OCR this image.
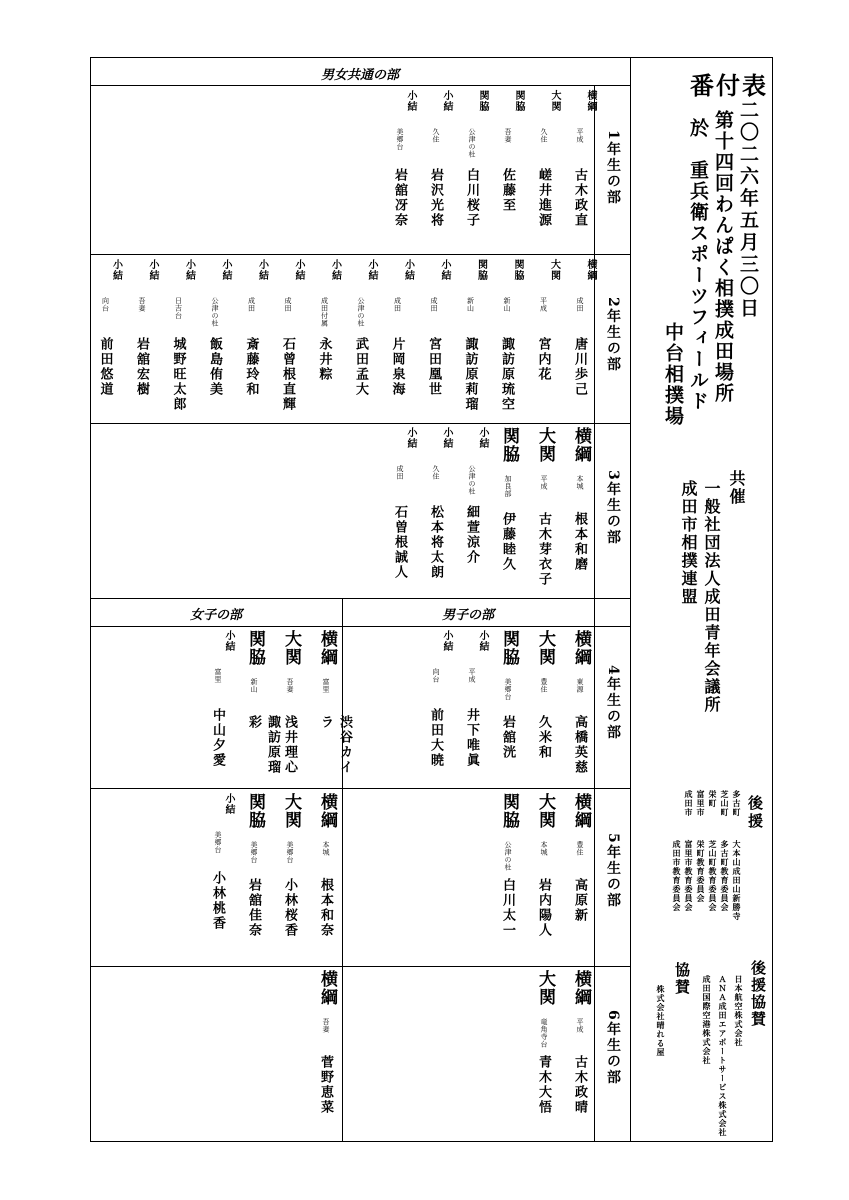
男女共通の部
女子の部	男子の部
1年生の部
2年生の部
3年生の部
4年生の部
5年生の部
6年生の部
横綱
平成
古木政直
大関
久住
嵯井進源
関脇
吾妻
佐藤至
関脇
公津の杜
白川桜子
小結
久住
岩沢光将
小結
美郷台
岩舘冴奈
横綱
成田
唐川歩己
大関
平成
宮内花
関脇
新山
諏訪原琉空
関脇
新山
諏訪原莉瑠
小結
成田
宮田凰世
小結
成田
片岡泉海
小結
公津の杜
武田孟大
小結
成田付属
永井粽
小結
成田
石曾根直輝
小結
成田
斎藤玲和
小結
公津の杜
飯島侑美
小結
日吉台
城野旺太郎
小結
吾妻
岩舘宏樹
小結
向台
前田悠道
横綱
本城
根本和磨
大関
平成
古木芽衣子
関脇
加良部
伊藤睦久
小結
公津の杜
細萱涼介
小結
久住
松本将太朗
小結
成田
石曽根誠人
横綱
東源
高橋英慈
大関
豊住
久米和
関脇
美郷台
岩舘洸
小結
平成
井下唯眞
小結
向台
前田大暁
横綱
富里
渋谷カイラ
大関
吾妻
浅井理心
関脇
新山
諏訪原瑠彩
小結
富里
中山夕愛
横綱
豊住
高原新
大関
本城
岩内陽人
関脇
公津の杜
白川太一
横綱
本城
根本和奈
大関
美郷台
小林桜香
関脇
美郷台
岩舘佳奈
小結
美郷台
小林桃香
横綱
平成
古木政晴
大関
竜角寺台
青木大悟
横綱
吾妻
菅野恵菜
番付表
二〇二六年五月三〇日
第十四回わんぱく相撲成田場所
於　重兵衛スポーツフィールド
中台相撲場
共催
一般社団法人成田青年会議所
成田市相撲連盟
後援
多古町
芝山町
栄町
富里市
成田市
大本山成田山新勝寺
多古町教育委員会
芝山町教育委員会
栄町教育委員会
富里市教育委員会
成田市教育委員会
後援協賛
日本航空株式会社
ＡＮＡ成田エアポートサービス株式会社
成田国際空港株式会社
協賛
株式会社晴れる屋
